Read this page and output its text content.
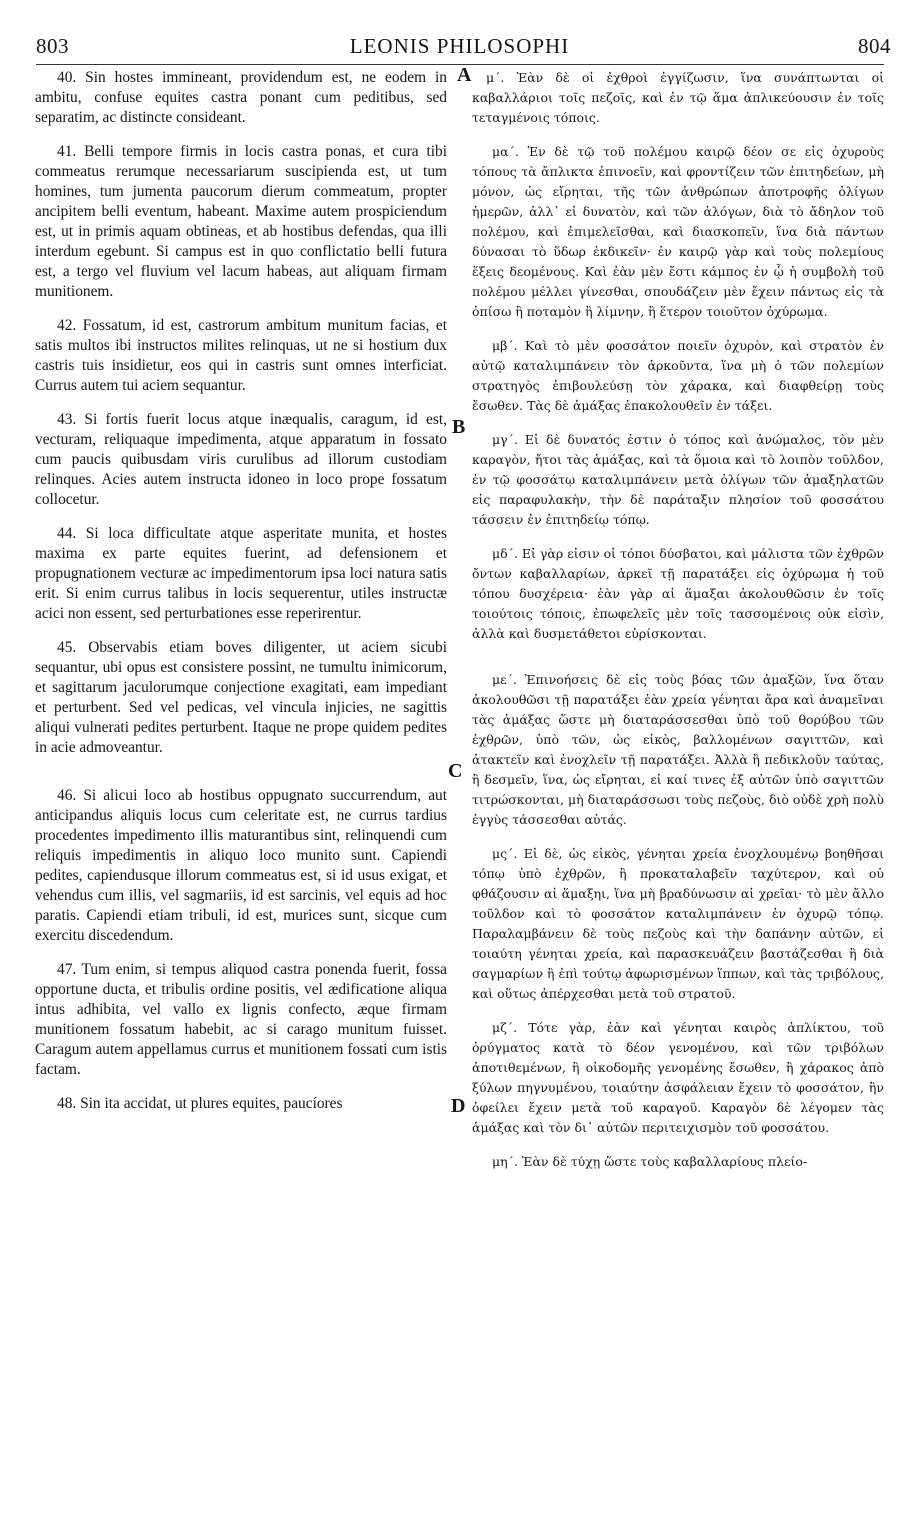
803	LEONIS PHILOSOPHI	804
A
B
C
D

40. Sin hostes immineant, providendum est, ne eodem in ambitu, confuse equites castra ponant cum peditibus, sed separatim, ac distincte consideant.

41. Belli tempore firmis in locis castra ponas, et cura tibi commeatus rerumque necessariarum suscipienda est, ut tum homines, tum jumenta paucorum dierum commeatum, propter ancipitem belli eventum, habeant. Maxime autem prospiciendum est, ut in primis aquam obtineas, et ab hostibus defendas, qua illi interdum egebunt. Si campus est in quo conflictatio belli futura est, a tergo vel fluvium vel lacum habeas, aut aliquam firmam munitionem.

42. Fossatum, id est, castrorum ambitum munitum facias, et satis multos ibi instructos milites relinquas, ut ne si hostium dux castris tuis insidietur, eos qui in castris sunt omnes interficiat. Currus autem tui aciem sequantur.

43. Si fortis fuerit locus atque inæqualis, caragum, id est, vecturam, reliquaque impedimenta, atque apparatum in fossato cum paucis quibusdam viris curulibus ad illorum custodiam relinques. Acies autem instructa idoneo in loco prope fossatum collocetur.

44. Si loca difficultate atque asperitate munita, et hostes maxima ex parte equites fuerint, ad defensionem et propugnationem vecturæ ac impedimentorum ipsa loci natura satis erit. Si enim currus talibus in locis sequerentur, utiles instructæ acici non essent, sed perturbationes esse reperirentur.

45. Observabis etiam boves diligenter, ut aciem sicubi sequantur, ubi opus est consistere possint, ne tumultu inimicorum, et sagittarum jaculorumque conjectione exagitati, eam impediant et perturbent. Sed vel pedicas, vel vincula injicies, ne sagittis aliqui vulnerati pedites perturbent. Itaque ne prope quidem pedites in acie admoveantur.

46. Si alicui loco ab hostibus oppugnato succurrendum, aut anticipandus aliquis locus cum celeritate est, ne currus tardius procedentes impedimento illis maturantibus sint, relinquendi cum reliquis impedimentis in aliquo loco munito sunt. Capiendi pedites, capiendusque illorum commeatus est, si id usus exigat, et vehendus cum illis, vel sagmariis, id est sarcinis, vel equis ad hoc paratis. Capiendi etiam tribuli, id est, murices sunt, sicque cum exercitu discedendum.

47. Tum enim, si tempus aliquod castra ponenda fuerit, fossa opportune ducta, et tribulis ordine positis, vel ædificatione aliqua intus adhibita, vel vallo ex lignis confecto, æque firmam munitionem fossatum habebit, ac si carago munitum fuisset. Caragum autem appellamus currus et munitionem fossati cum istis factam.

48. Sin ita accidat, ut plures equites, paucíores

μ΄. Ἐὰν δὲ οἱ ἐχθροὶ ἐγγίζωσιν, ἵνα συνάπτωνται οἱ καβαλλάριοι τοῖς πεζοῖς, καὶ ἐν τῷ ἅμα ἀπλικεύουσιν ἐν τοῖς τεταγμένοις τόποις.

μα΄. Ἐν δὲ τῷ τοῦ πολέμου καιρῷ δέον σε εἰς ὀχυροὺς τόπους τὰ ἄπλικτα ἐπινοεῖν, καὶ φροντίζειν τῶν ἐπιτηδείων, μὴ μόνον, ὡς εἴρηται, τῆς τῶν ἀνθρώπων ἀποτροφῆς ὀλίγων ἡμερῶν, ἀλλ᾽ εἰ δυνατὸν, καὶ τῶν ἀλόγων, διὰ τὸ ἄδηλον τοῦ πολέμου, καὶ ἐπιμελεῖσθαι, καὶ διασκοπεῖν, ἵνα διὰ πάντων δύνασαι τὸ ὕδωρ ἐκδικεῖν· ἐν καιρῷ γὰρ καὶ τοὺς πολεμίους ἕξεις δεομένους. Καὶ ἐὰν μὲν ἔστι κάμπος ἐν ᾧ ἡ συμβολὴ τοῦ πολέμου μέλλει γίνεσθαι, σπουδάζειν μὲν ἔχειν πάντως εἰς τὰ ὀπίσω ἢ ποταμὸν ἢ λίμνην, ἢ ἕτερον τοιοῦτον ὀχύρωμα.

μβ΄. Καὶ τὸ μὲν φοσσάτον ποιεῖν ὀχυρὸν, καὶ στρατὸν ἐν αὐτῷ καταλιμπάνειν τὸν ἀρκοῦντα, ἵνα μὴ ὁ τῶν πολεμίων στρατηγὸς ἐπιβουλεύσῃ τὸν χάρακα, καὶ διαφθείρῃ τοὺς ἔσωθεν. Τὰς δὲ ἁμάξας ἐπακολουθεῖν ἐν τάξει.

μγ΄. Εἰ δὲ δυνατός ἐστιν ὁ τόπος καὶ ἀνώμαλος, τὸν μὲν καραγὸν, ἤτοι τὰς ἁμάξας, καὶ τὰ ὅμοια καὶ τὸ λοιπὸν τοῦλδον, ἐν τῷ φοσσάτῳ καταλιμπάνειν μετὰ ὀλίγων τῶν ἁμαξηλατῶν εἰς παραφυλακὴν, τὴν δὲ παράταξιν πλησίον τοῦ φοσσάτου τάσσειν ἐν ἐπιτηδείῳ τόπῳ.

μδ΄. Εἰ γὰρ εἰσιν οἱ τόποι δύσβατοι, καὶ μάλιστα τῶν ἐχθρῶν ὄντων καβαλλαρίων, ἀρκεῖ τῇ παρατάξει εἰς ὀχύρωμα ἡ τοῦ τόπου δυσχέρεια· ἐὰν γὰρ αἱ ἅμαξαι ἀκολουθῶσιν ἐν τοῖς τοιούτοις τόποις, ἐπωφελεῖς μὲν τοῖς τασσομένοις οὐκ εἰσὶν, ἀλλὰ καὶ δυσμετάθετοι εὑρίσκονται.

με΄. Ἐπινοήσεις δὲ εἰς τοὺς βόας τῶν ἁμαξῶν, ἵνα ὅταν ἀκολουθῶσι τῇ παρατάξει ἐὰν χρεία γένηται ἄρα καὶ ἀναμεῖναι τὰς ἁμάξας ὥστε μὴ διαταράσσεσθαι ὑπὸ τοῦ θορύβου τῶν ἐχθρῶν, ὑπὸ τῶν, ὡς εἰκὸς, βαλλομένων σαγιττῶν, καὶ ἀτακτεῖν καὶ ἐνοχλεῖν τῇ παρατάξει. Ἀλλὰ ἢ πεδικλοῦν ταύτας, ἢ δεσμεῖν, ἵνα, ὡς εἴρηται, εἰ καί τινες ἐξ αὐτῶν ὑπὸ σαγιττῶν τιτρώσκονται, μὴ διαταράσσωσι τοὺς πεζοὺς, διὸ οὐδὲ χρὴ πολὺ ἐγγὺς τάσσεσθαι αὐτάς.

μς΄. Εἰ δὲ, ὡς εἰκὸς, γένηται χρεία ἐνοχλουμένῳ βοηθῆσαι τόπῳ ὑπὸ ἐχθρῶν, ἢ προκαταλαβεῖν ταχύτερον, καὶ οὐ φθάζουσιν αἱ ἅμαξηι, ἵνα μὴ βραδύνωσιν αἱ χρεῖαι· τὸ μὲν ἄλλο τοῦλδον καὶ τὸ φοσσάτον καταλιμπάνειν ἐν ὀχυρῷ τόπῳ. Παραλαμβάνειν δὲ τοὺς πεζοὺς καὶ τὴν δαπάνην αὐτῶν, εἰ τοιαύτη γένηται χρεία, καὶ παρασκευάζειν βαστάζεσθαι ἢ διὰ σαγμαρίων ἢ ἐπὶ τούτῳ ἀφωρισμένων ἵππων, καὶ τὰς τριβόλους, καὶ οὕτως ἀπέρχεσθαι μετὰ τοῦ στρατοῦ.

μζ΄. Τότε γὰρ, ἐὰν καὶ γένηται καιρὸς ἀπλίκτου, τοῦ ὀρύγματος κατὰ τὸ δέον γενομένου, καὶ τῶν τριβόλων ἀποτιθεμένων, ἢ οἰκοδομῆς γενομένης ἔσωθεν, ἢ χάρακος ἀπὸ ξύλων πηγνυμένου, τοιαύτην ἀσφάλειαν ἔχειν τὸ φοσσάτον, ἣν ὀφείλει ἔχειν μετὰ τοῦ καραγοῦ. Καραγὸν δὲ λέγομεν τὰς ἁμάξας καὶ τὸν δι᾽ αὐτῶν περιτειχισμὸν τοῦ φοσσάτου.

μη΄. Ἐὰν δὲ τύχῃ ὥστε τοὺς καβαλλαρίους πλείο-
